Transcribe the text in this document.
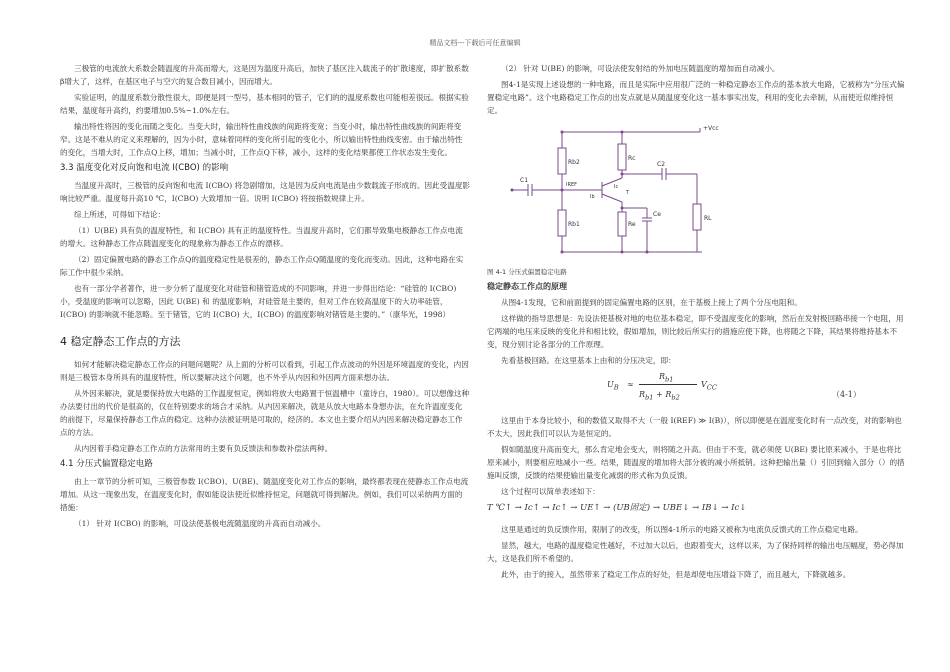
精品文档---下载后可任意编辑

三极管的电流放大系数会随温度的升高而增大，这是因为温度升高后，加快了基区注入载流子的扩散速度，即扩散系数β增大了，这样，在基区电子与空穴的复合数目减小，因而增大。

实验证明，的温度系数分散性很大，即便是同一型号，基本相同的管子，它们的的温度系数也可能相差很远。根据实验结果，温度每升高约，约要增加0.5%~1.0%左右。

输出特性将因的变化而随之变化。当变大时，输出特性曲线族的间距将变宽；当变小时，输出特性曲线族的间距将变窄。这是不难从的定义来理解的，因为小时，意味着同样的变化所引起的变化小，所以输出特性曲线变密。由于输出特性的变化，当增大时，工作点Q上移，增加；当减小时，工作点Q下移，减小，这样的变化结果都使工作状态发生变化。

3.3 温度变化对反向饱和电流 I(CBO) 的影响

当温度升高时，三极管的反向饱和电流 I(CBO) 将急剧增加，这是因为反向电流是由少数载流子形成的。因此受温度影响比较严重。温度每升高10 ℃，I(CBO) 大致增加一倍。说明 I(CBO) 将按指数规律上升。

综上所述，可得如下结论：

（1）U(BE) 具有负的温度特性，和 I(CBO) 具有正的温度特性。当温度升高时，它们都导致集电极静态工作点电流的增大。这种静态工作点随温度变化的现象称为静态工作点的漂移。

（2）固定偏置电路的静态工作点Q的温度稳定性是很差的，静态工作点Q随温度的变化而变动。因此，这种电路在实际工作中很少采纳。

也有一部分学者著作，进一步分析了温度变化对硅管和锗管造成的不同影响，并进一步得出结论：“硅管的 I(CBO) 小，受温度的影响可以忽略，因此 U(BE) 和 的温度影响，对硅管是主要的，但对工作在较高温度下的大功率硅管，I(CBO) 的影响就不能忽略。至于锗管，它的 I(CBO) 大，I(CBO) 的温度影响对锗管是主要的。”（康华光，1998）

4 稳定静态工作点的方法

如何才能解决稳定静态工作点的问题问题呢？从上面的分析可以看到，引起工作点波动的外因是环境温度的变化，内因则是三极管本身所具有的温度特性，所以要解决这个问题，也不外乎从内因和外因两方面来想办法。

从外因来解决，就是要保持放大电路的工作温度恒定，例如将放大电路置于恒温槽中（童诗白，1980）。可以想像这种办法要付出的代价是很高的，仅在特别要求的场合才采纳。从内因来解决，就是从放大电路本身想办法，在允许温度变化的前提下，尽量保持静态工作点的稳定。这种办法被证明是可取的，经济的。本文也主要介绍从内因来解决稳定静态工作点的方法。

从内因着手稳定静态工作点的方法常用的主要有负反馈法和参数补偿法两种。

4.1 分压式偏置稳定电路

由上一章节的分析可知，三极管参数 I(CBO)、U(BE)、随温度变化对工作点的影响，最终都表现在使静态工作点电流增加。从这一现象出发，在温度变化时，假如能设法使近似维持恒定，问题就可得到解决。例如，我们可以采纳两方面的措施：

（1） 针对 I(CBO) 的影响，可设法使基极电流随温度的升高而自动减小。

（2） 针对 U(BE) 的影响，可设法使发射结的外加电压随温度的增加而自动减小。

图4-1是实现上述设想的一种电路，而且是实际中应用很广泛的一种稳定静态工作点的基本放大电路，它被称为“分压式偏置稳定电路”。这个电路稳定工作点的出发点就是从随温度变化这一基本事实出发，利用的变化去牵制，从而使近似维持恒定。

+Vcc
Rb2
Rb1
Rc
Re
Ce
RL
C1
C2
IREF	Ic
Ib
T
图 4-1 分压式偏置稳定电路
稳定静态工作点的原理

从图4-1发现，它和前面提到的固定偏置电路的区别，在于基极上接上了两个分压电阻和。

这样做的指导思想是：先设法使基极对地的电位基本稳定，即不受温度变化的影响，然后在发射极回路串接一个电阻，用它两端的电压来反映的变化并和相比较，假如增加，则比较后所实行的措施应使下降，也将随之下降，其结果将维持基本不变，现分别讨论各部分的工作原理。

先看基极回路。在这里基本上由和的分压决定，即：

$U_B$ ≈
$R_{b1}$
$R_{b1} + R_{b2}$
$V_{CC}$
（4-1）

这里由于本身比较小，和的数值又取得不大（一般 I(REF) ≫ I(B)），所以即便是在温度变化时有一点改变，对的影响也不太大，因此我们可以认为是恒定的。

假如随温度升高而变大，那么肯定地会变大，则将随之升高。但由于不变，就必须使 U(BE) 要比原来减小，于是也将比原来减小，则要相应地减小一些。结果，随温度的增加将大部分被的减小所抵销。这种把输出量（）引回到输入部分（）的措施叫反馈，反馈的结果使输出量变化减弱的形式称为负反馈。

这个过程可以简单表述如下：

T ℃↑ → Ic↑ → Ic↑ → UE↑ → (UB固定) → UBE↓ → IB↓ → Ic↓

这里是通过的负反馈作用，限制了的改变，所以图4-1所示的电路又被称为电流负反馈式的工作点稳定电路。

显然，越大，电路的温度稳定性越好，不过加大以后，也跟着变大，这样以来，为了保持同样的输出电压幅度，势必得加大，这是我们所不希望的。

此外，由于的接入，虽然带来了稳定工作点的好处，但是却使电压增益下降了，而且越大，下降就越多。
